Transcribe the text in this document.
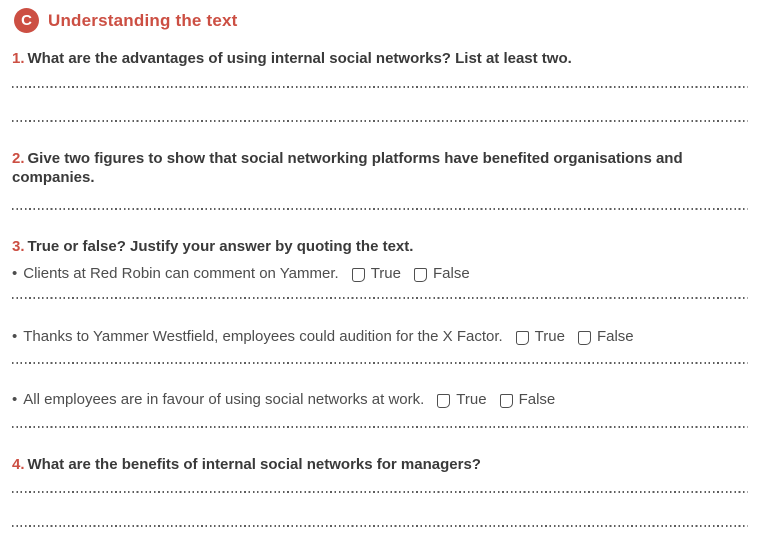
C Understanding the text
1. What are the advantages of using internal social networks? List at least two.
2. Give two figures to show that social networking platforms have benefited organisations and companies.
3. True or false? Justify your answer by quoting the text.
•
Clients at Red Robin can comment on Yammer. True False
•
Thanks to Yammer Westfield, employees could audition for the X Factor. True False
•
All employees are in favour of using social networks at work. True False
4. What are the benefits of internal social networks for managers?
